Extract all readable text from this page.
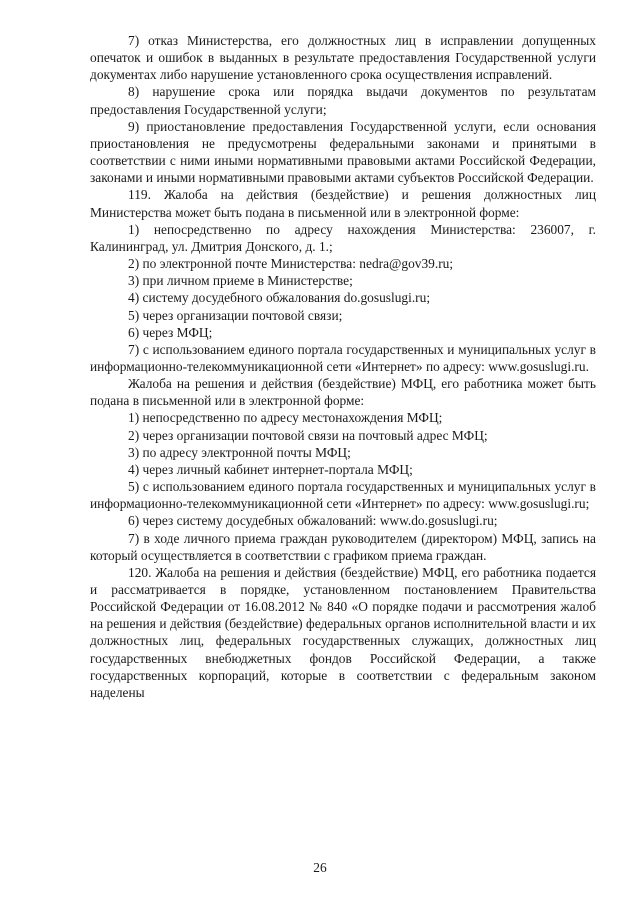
7) отказ Министерства, его должностных лиц в исправлении допущенных опечаток и ошибок в выданных в результате предоставления Государственной услуги документах либо нарушение установленного срока осуществления исправлений.

8) нарушение срока или порядка выдачи документов по результатам предоставления Государственной услуги;

9) приостановление предоставления Государственной услуги, если основания приостановления не предусмотрены федеральными законами и принятыми в соответствии с ними иными нормативными правовыми актами Российской Федерации, законами и иными нормативными правовыми актами субъектов Российской Федерации.

119. Жалоба на действия (бездействие) и решения должностных лиц Министерства может быть подана в письменной или в электронной форме:

1) непосредственно по адресу нахождения Министерства: 236007, г. Калининград, ул. Дмитрия Донского, д. 1.;

2) по электронной почте Министерства: nedra@gov39.ru;

3) при личном приеме в Министерстве;

4) систему досудебного обжалования do.gosuslugi.ru;

5) через организации почтовой связи;

6) через МФЦ;

7) с использованием единого портала государственных и муниципальных услуг в информационно-телекоммуникационной сети «Интернет» по адресу: www.gosuslugi.ru.

Жалоба на решения и действия (бездействие) МФЦ, его работника может быть подана в письменной или в электронной форме:

1) непосредственно по адресу местонахождения МФЦ;

2) через организации почтовой связи на почтовый адрес МФЦ;

3) по адресу электронной почты МФЦ;

4) через личный кабинет интернет-портала МФЦ;

5) с использованием единого портала государственных и муниципальных услуг в информационно-телекоммуникационной сети «Интернет» по адресу: www.gosuslugi.ru;

6) через систему досудебных обжалований: www.do.gosuslugi.ru;

7) в ходе личного приема граждан руководителем (директором) МФЦ, запись на который осуществляется в соответствии с графиком приема граждан.

120. Жалоба на решения и действия (бездействие) МФЦ, его работника подается и рассматривается в порядке, установленном постановлением Правительства Российской Федерации от 16.08.2012 № 840 «О порядке подачи и рассмотрения жалоб на решения и действия (бездействие) федеральных органов исполнительной власти и их должностных лиц, федеральных государственных служащих, должностных лиц государственных внебюджетных фондов Российской Федерации, а также государственных корпораций, которые в соответствии с федеральным законом наделены

26
